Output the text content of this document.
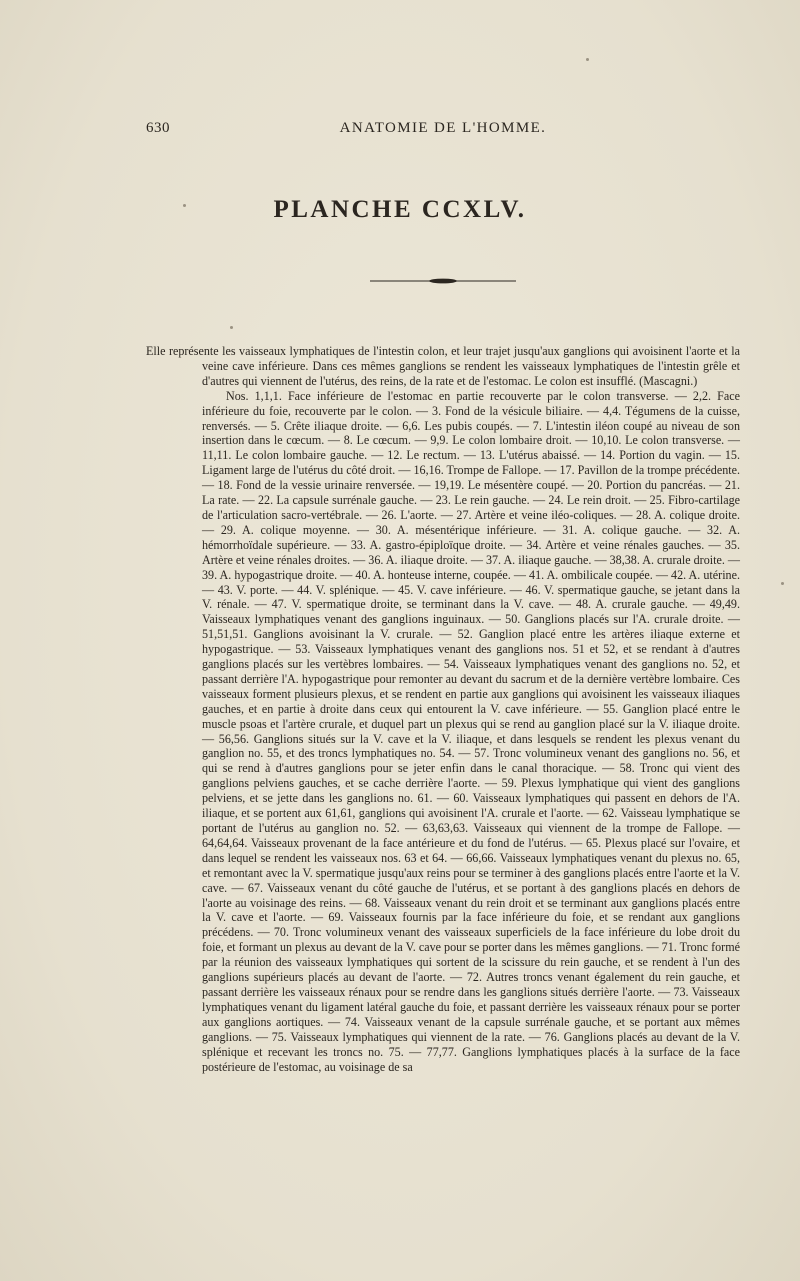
630	ANATOMIE DE L'HOMME.
PLANCHE CCXLV.

Elle représente les vaisseaux lymphatiques de l'intestin colon, et leur trajet jusqu'aux ganglions qui avoisinent l'aorte et la veine cave inférieure. Dans ces mêmes ganglions se rendent les vaisseaux lymphatiques de l'intestin grêle et d'autres qui viennent de l'utérus, des reins, de la rate et de l'estomac. Le colon est insufflé. (Mascagni.)

Nos. 1,1,1. Face inférieure de l'estomac en partie recouverte par le colon transverse. — 2,2. Face inférieure du foie, recouverte par le colon. — 3. Fond de la vésicule biliaire. — 4,4. Tégumens de la cuisse, renversés. — 5. Crête iliaque droite. — 6,6. Les pubis coupés. — 7. L'intestin iléon coupé au niveau de son insertion dans le cœcum. — 8. Le cœcum. — 9,9. Le colon lombaire droit. — 10,10. Le colon transverse. — 11,11. Le colon lombaire gauche. — 12. Le rectum. — 13. L'utérus abaissé. — 14. Portion du vagin. — 15. Ligament large de l'utérus du côté droit. — 16,16. Trompe de Fallope. — 17. Pavillon de la trompe précédente. — 18. Fond de la vessie urinaire renversée. — 19,19. Le mésentère coupé. — 20. Portion du pancréas. — 21. La rate. — 22. La capsule surrénale gauche. — 23. Le rein gauche. — 24. Le rein droit. — 25. Fibro-cartilage de l'articulation sacro-vertébrale. — 26. L'aorte. — 27. Artère et veine iléo-coliques. — 28. A. colique droite. — 29. A. colique moyenne. — 30. A. mésentérique inférieure. — 31. A. colique gauche. — 32. A. hémorrhoïdale supérieure. — 33. A. gastro-épiploïque droite. — 34. Artère et veine rénales gauches. — 35. Artère et veine rénales droites. — 36. A. iliaque droite. — 37. A. iliaque gauche. — 38,38. A. crurale droite. — 39. A. hypogastrique droite. — 40. A. honteuse interne, coupée. — 41. A. ombilicale coupée. — 42. A. utérine. — 43. V. porte. — 44. V. splénique. — 45. V. cave inférieure. — 46. V. spermatique gauche, se jetant dans la V. rénale. — 47. V. spermatique droite, se terminant dans la V. cave. — 48. A. crurale gauche. — 49,49. Vaisseaux lymphatiques venant des ganglions inguinaux. — 50. Ganglions placés sur l'A. crurale droite. — 51,51,51. Ganglions avoisinant la V. crurale. — 52. Ganglion placé entre les artères iliaque externe et hypogastrique. — 53. Vaisseaux lymphatiques venant des ganglions nos. 51 et 52, et se rendant à d'autres ganglions placés sur les vertèbres lombaires. — 54. Vaisseaux lymphatiques venant des ganglions no. 52, et passant derrière l'A. hypogastrique pour remonter au devant du sacrum et de la dernière vertèbre lombaire. Ces vaisseaux forment plusieurs plexus, et se rendent en partie aux ganglions qui avoisinent les vaisseaux iliaques gauches, et en partie à droite dans ceux qui entourent la V. cave inférieure. — 55. Ganglion placé entre le muscle psoas et l'artère crurale, et duquel part un plexus qui se rend au ganglion placé sur la V. iliaque droite. — 56,56. Ganglions situés sur la V. cave et la V. iliaque, et dans lesquels se rendent les plexus venant du ganglion no. 55, et des troncs lymphatiques no. 54. — 57. Tronc volumineux venant des ganglions no. 56, et qui se rend à d'autres ganglions pour se jeter enfin dans le canal thoracique. — 58. Tronc qui vient des ganglions pelviens gauches, et se cache derrière l'aorte. — 59. Plexus lymphatique qui vient des ganglions pelviens, et se jette dans les ganglions no. 61. — 60. Vaisseaux lymphatiques qui passent en dehors de l'A. iliaque, et se portent aux 61,61, ganglions qui avoisinent l'A. crurale et l'aorte. — 62. Vaisseau lymphatique se portant de l'utérus au ganglion no. 52. — 63,63,63. Vaisseaux qui viennent de la trompe de Fallope. — 64,64,64. Vaisseaux provenant de la face antérieure et du fond de l'utérus. — 65. Plexus placé sur l'ovaire, et dans lequel se rendent les vaisseaux nos. 63 et 64. — 66,66. Vaisseaux lymphatiques venant du plexus no. 65, et remontant avec la V. spermatique jusqu'aux reins pour se terminer à des ganglions placés entre l'aorte et la V. cave. — 67. Vaisseaux venant du côté gauche de l'utérus, et se portant à des ganglions placés en dehors de l'aorte au voisinage des reins. — 68. Vaisseaux venant du rein droit et se terminant aux ganglions placés entre la V. cave et l'aorte. — 69. Vaisseaux fournis par la face inférieure du foie, et se rendant aux ganglions précédens. — 70. Tronc volumineux venant des vaisseaux superficiels de la face inférieure du lobe droit du foie, et formant un plexus au devant de la V. cave pour se porter dans les mêmes ganglions. — 71. Tronc formé par la réunion des vaisseaux lymphatiques qui sortent de la scissure du rein gauche, et se rendent à l'un des ganglions supérieurs placés au devant de l'aorte. — 72. Autres troncs venant également du rein gauche, et passant derrière les vaisseaux rénaux pour se rendre dans les ganglions situés derrière l'aorte. — 73. Vaisseaux lymphatiques venant du ligament latéral gauche du foie, et passant derrière les vaisseaux rénaux pour se porter aux ganglions aortiques. — 74. Vaisseaux venant de la capsule surrénale gauche, et se portant aux mêmes ganglions. — 75. Vaisseaux lymphatiques qui viennent de la rate. — 76. Ganglions placés au devant de la V. splénique et recevant les troncs no. 75. — 77,77. Ganglions lymphatiques placés à la surface de la face postérieure de l'estomac, au voisinage de sa
